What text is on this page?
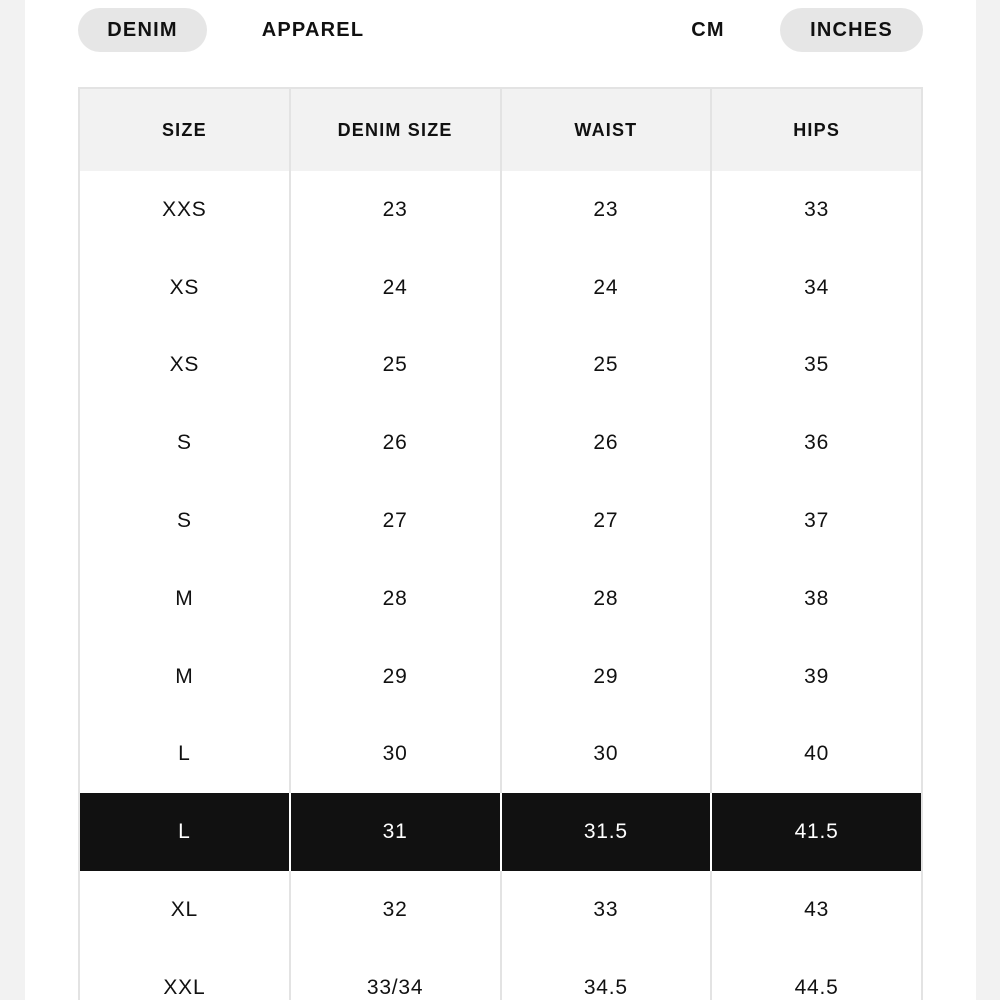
DENIM	APPAREL	CM	INCHES
SIZE	DENIM SIZE	WAIST	HIPS
XXS	23	23	33
XS	24	24	34
XS	25	25	35
S	26	26	36
S	27	27	37
M	28	28	38
M	29	29	39
L	30	30	40
L	31	31.5	41.5
XL	32	33	43
XXL	33/34	34.5	44.5
